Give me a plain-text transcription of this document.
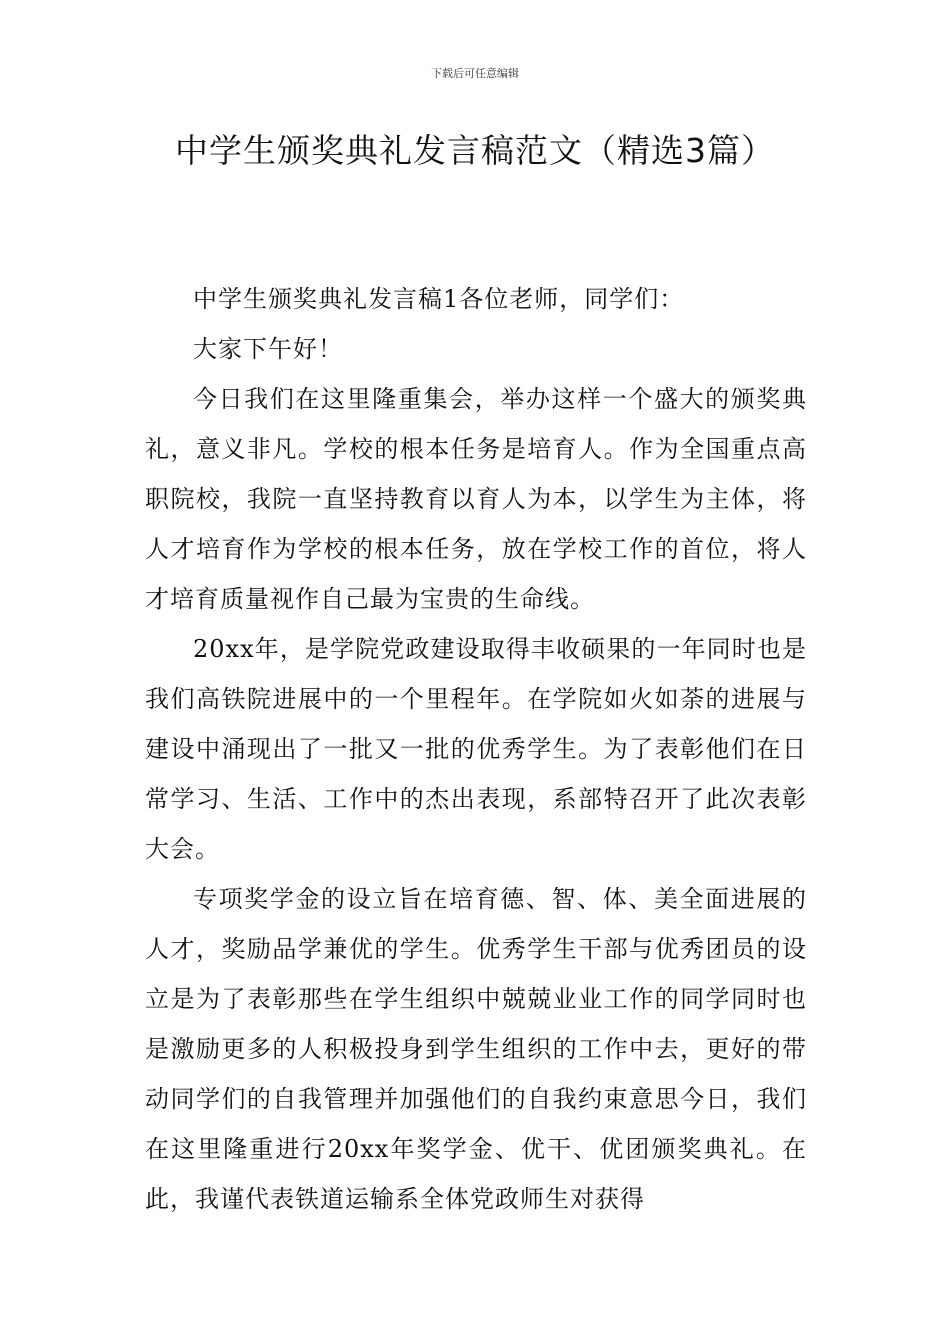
下载后可任意编辑
中学生颁奖典礼发言稿范文（精选3篇）

中学生颁奖典礼发言稿1各位老师，同学们：

大家下午好！

今日我们在这里隆重集会，举办这样一个盛大的颁奖典礼，意义非凡。学校的根本任务是培育人。作为全国重点高职院校，我院一直坚持教育以育人为本，以学生为主体，将人才培育作为学校的根本任务，放在学校工作的首位，将人才培育质量视作自己最为宝贵的生命线。

20xx年，是学院党政建设取得丰收硕果的一年同时也是我们高铁院进展中的一个里程年。在学院如火如荼的进展与建设中涌现出了一批又一批的优秀学生。为了表彰他们在日常学习、生活、工作中的杰出表现，系部特召开了此次表彰大会。

专项奖学金的设立旨在培育德、智、体、美全面进展的人才，奖励品学兼优的学生。优秀学生干部与优秀团员的设立是为了表彰那些在学生组织中兢兢业业工作的同学同时也是激励更多的人积极投身到学生组织的工作中去，更好的带动同学们的自我管理并加强他们的自我约束意思今日，我们在这里隆重进行20xx年奖学金、优干、优团颁奖典礼。在此，我谨代表铁道运输系全体党政师生对获得
